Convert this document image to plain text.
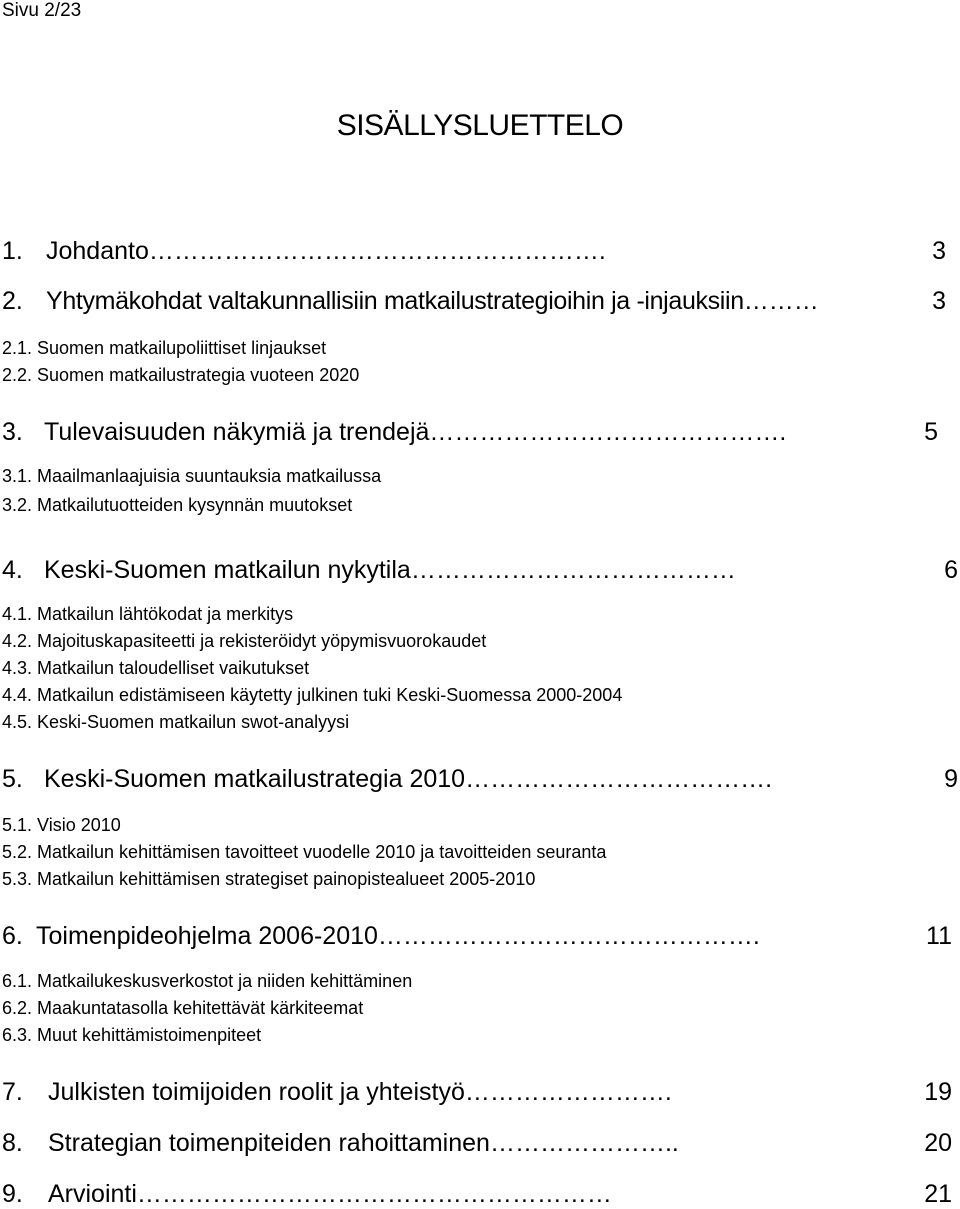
Sivu 2/23
SISÄLLYSLUETTELO
1. Johdanto ……………………………………………….	3
2. Yhtymäkohdat valtakunnallisiin matkailustrategioihin ja -injauksiin ………	3
2.1. Suomen matkailupoliittiset linjaukset
2.2. Suomen matkailustrategia vuoteen 2020
3. Tulevaisuuden näkymiä ja trendejä …………………………………….	5
3.1. Maailmanlaajuisia suuntauksia matkailussa
3.2. Matkailutuotteiden kysynnän muutokset
4. Keski-Suomen matkailun nykytila …………………………………	6
4.1. Matkailun lähtökodat ja merkitys
4.2. Majoituskapasiteetti ja rekisteröidyt yöpymisvuorokaudet
4.3. Matkailun taloudelliset vaikutukset
4.4. Matkailun edistämiseen käytetty julkinen tuki Keski-Suomessa 2000-2004
4.5. Keski-Suomen matkailun swot-analyysi
5. Keski-Suomen matkailustrategia 2010 ……………………………….	9
5.1. Visio 2010
5.2. Matkailun kehittämisen tavoitteet vuodelle 2010 ja tavoitteiden seuranta
5.3. Matkailun kehittämisen strategiset painopistealueet 2005-2010
6. Toimenpideohjelma 2006-2010 ……………………………………….	11
6.1. Matkailukeskusverkostot ja niiden kehittäminen
6.2. Maakuntatasolla kehitettävät kärkiteemat
6.3. Muut kehittämistoimenpiteet
7.	Julkisten toimijoiden roolit ja yhteistyö …………………….	19
8.	Strategian toimenpiteiden rahoittaminen …………………..	20
9.	Arviointi …………………………………………………	21
